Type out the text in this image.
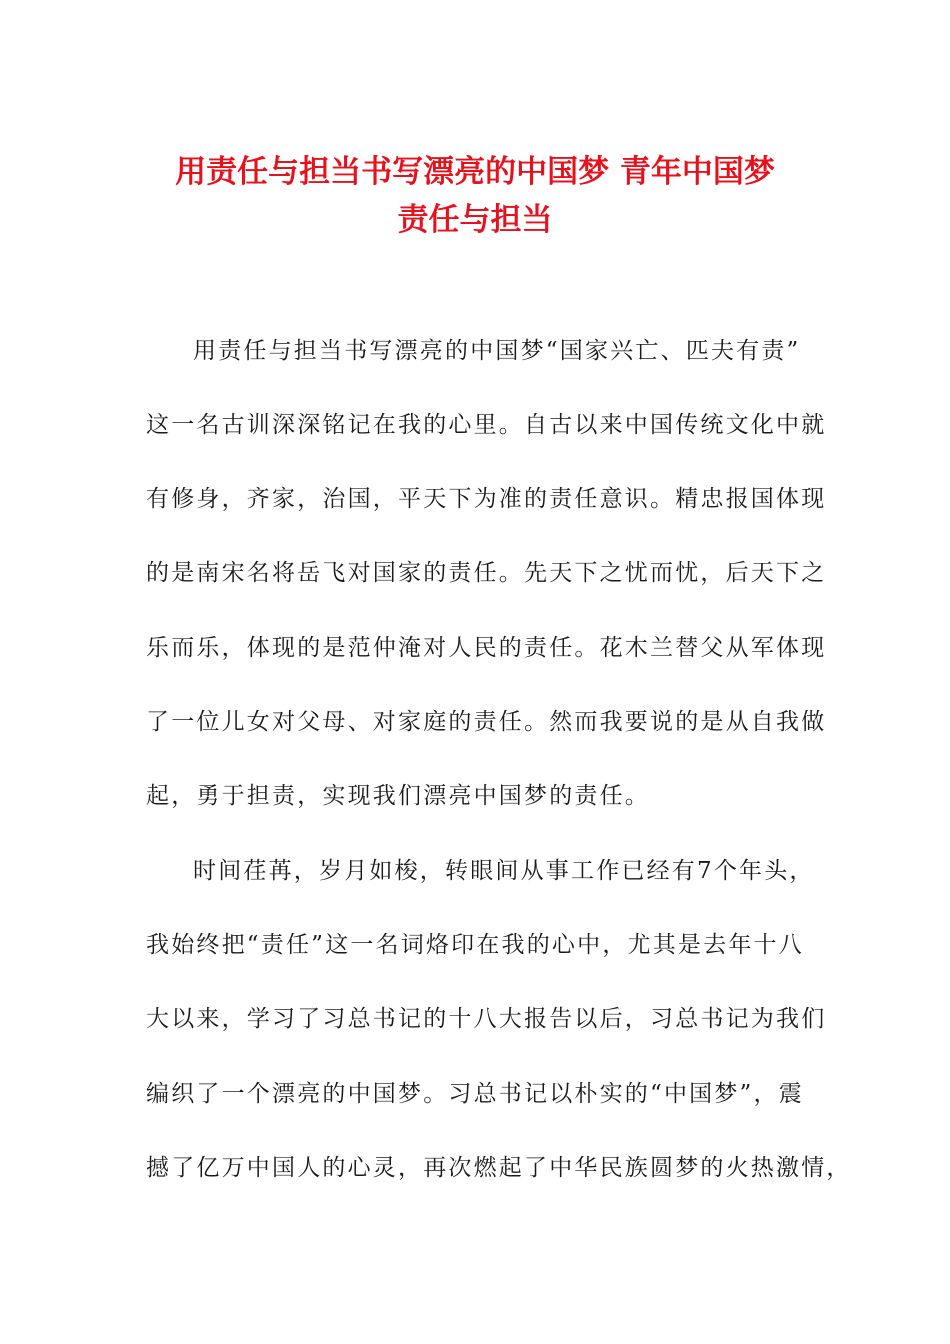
用责任与担当书写漂亮的中国梦 青年中国梦
责任与担当
用责任与担当书写漂亮的中国梦“国家兴亡、匹夫有责”
这一名古训深深铭记在我的心里。自古以来中国传统文化中就
有修身，齐家，治国，平天下为准的责任意识。精忠报国体现
的是南宋名将岳飞对国家的责任。先天下之忧而忧，后天下之
乐而乐，体现的是范仲淹对人民的责任。花木兰替父从军体现
了一位儿女对父母、对家庭的责任。然而我要说的是从自我做
起，勇于担责，实现我们漂亮中国梦的责任。
时间荏苒，岁月如梭，转眼间从事工作已经有7个年头，
我始终把“责任”这一名词烙印在我的心中，尤其是去年十八
大以来，学习了习总书记的十八大报告以后，习总书记为我们
编织了一个漂亮的中国梦。习总书记以朴实的“中国梦”，震
撼了亿万中国人的心灵，再次燃起了中华民族圆梦的火热激情，
